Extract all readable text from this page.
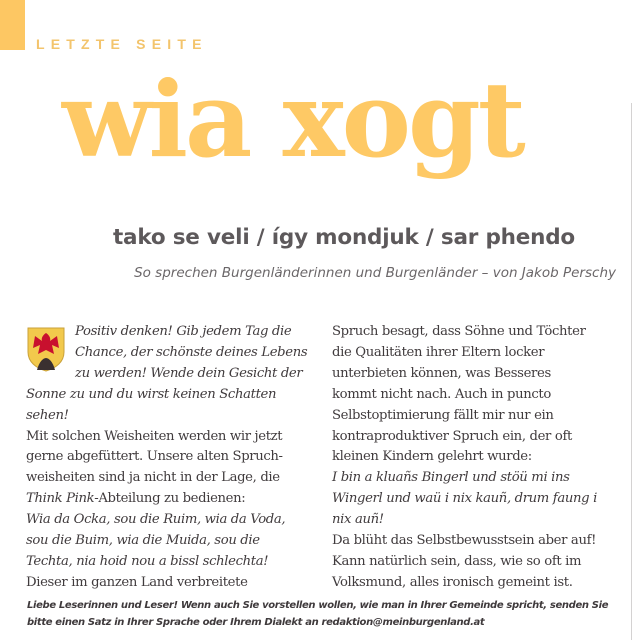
LETZTE SEITE
wia xogt
tako se veli / így mondjuk / sar phendo
So sprechen Burgenländerinnen und Burgenländer – von Jakob Perschy
Positiv denken! Gib jedem Tag die
Chance, der schönste deines Lebens
zu werden! Wende dein Gesicht der
Sonne zu und du wirst keinen Schatten
sehen!
Mit solchen Weisheiten werden wir jetzt
gerne abgefüttert. Unsere alten Spruch-
weisheiten sind ja nicht in der Lage, die
Think Pink-Abteilung zu bedienen:
Wia da Ocka, sou die Ruim, wia da Voda,
sou die Buim, wia die Muida, sou die
Techta, nia hoid nou a bissl schlechta!
Dieser im ganzen Land verbreitete
Spruch besagt, dass Söhne und Töchter
die Qualitäten ihrer Eltern locker
unterbieten können, was Besseres
kommt nicht nach. Auch in puncto
Selbstoptimierung fällt mir nur ein
kontraproduktiver Spruch ein, der oft
kleinen Kindern gelehrt wurde:
I bin a kluañs Bingerl und stöü mi ins
Wingerl und waü i nix kauñ, drum faung i
nix auñ!
Da blüht das Selbstbewusstsein aber auf!
Kann natürlich sein, dass, wie so oft im
Volksmund, alles ironisch gemeint ist.
Liebe Leserinnen und Leser! Wenn auch Sie vorstellen wollen, wie man in Ihrer Gemeinde spricht, senden Sie
bitte einen Satz in Ihrer Sprache oder Ihrem Dialekt an redaktion@meinburgenland.at
